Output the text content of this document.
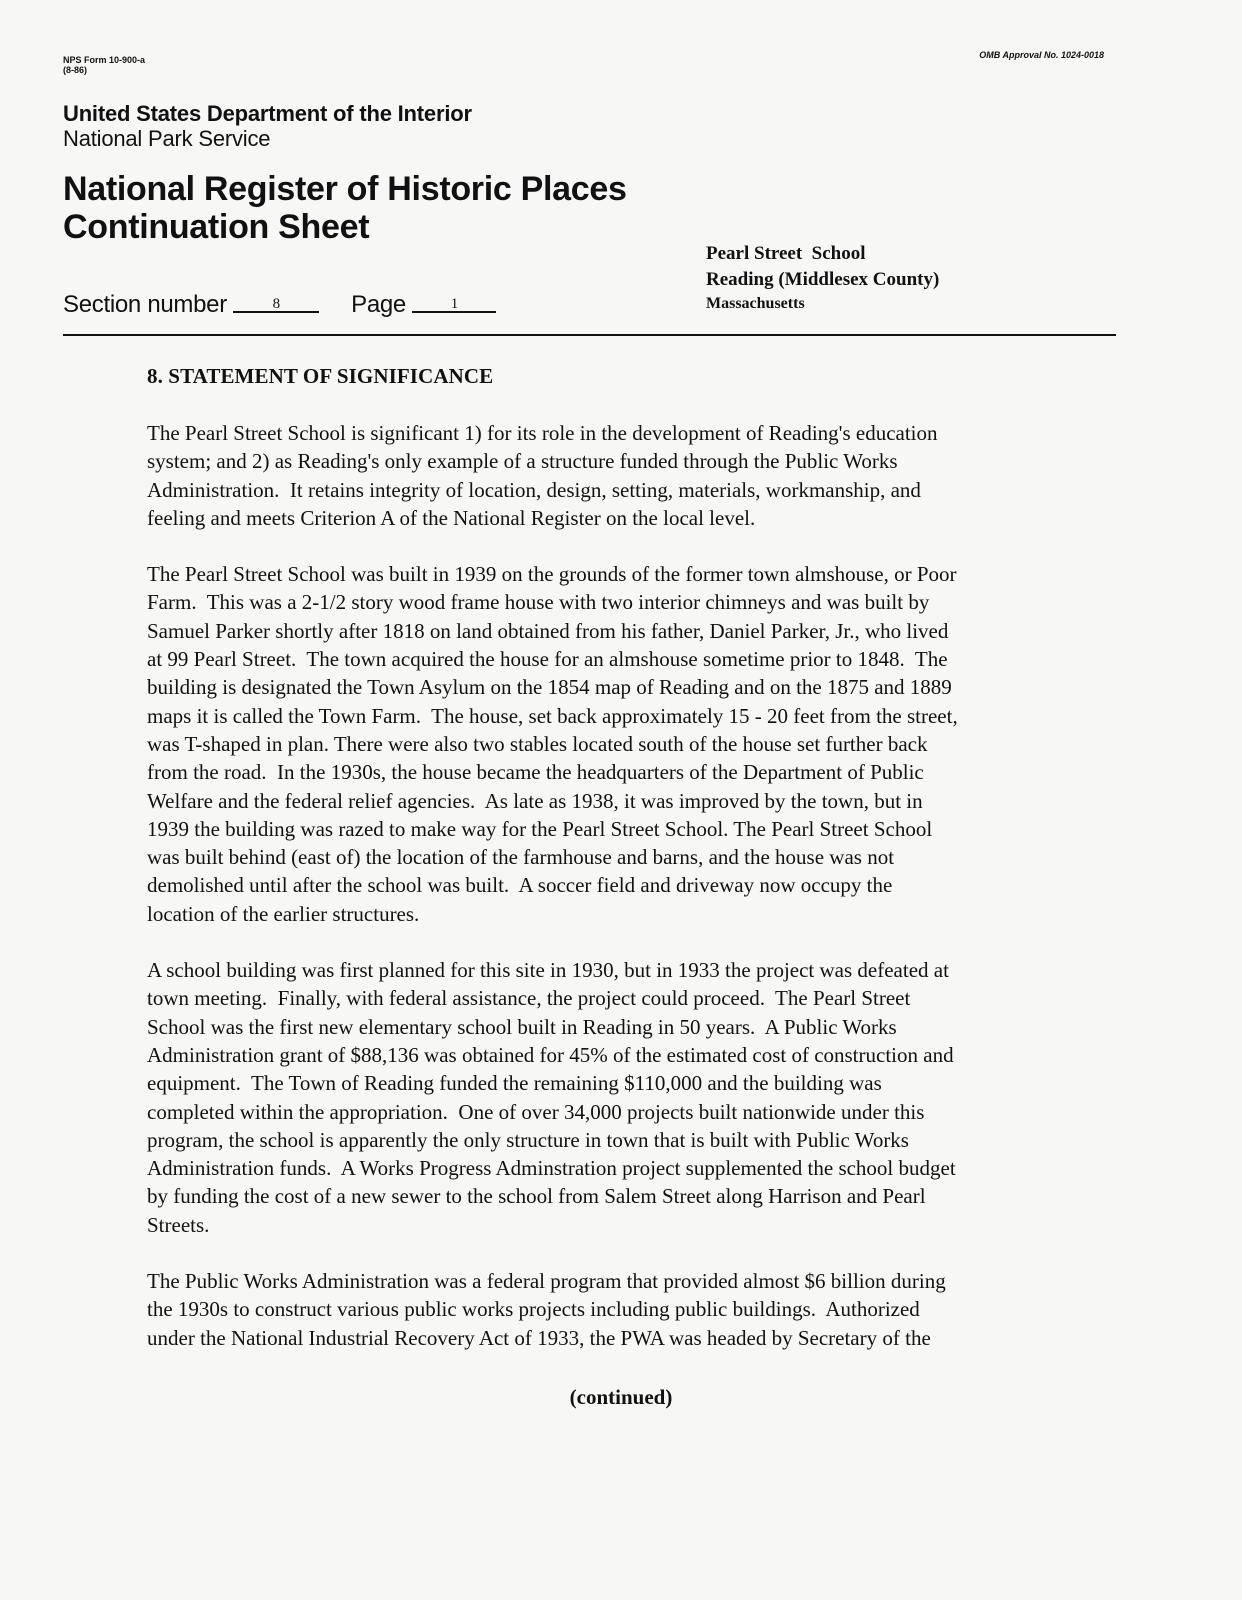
NPS Form 10-900-a
(8-86)
OMB Approval No. 1024-0018
United States Department of the Interior
National Park Service
National Register of Historic Places
Continuation Sheet
Section number	8	Page	1
Pearl Street  School
Reading (Middlesex County)
Massachusetts
8. STATEMENT OF SIGNIFICANCE

The Pearl Street School is significant 1) for its role in the development of Reading's education
system; and 2) as Reading's only example of a structure funded through the Public Works
Administration.  It retains integrity of location, design, setting, materials, workmanship, and
feeling and meets Criterion A of the National Register on the local level.

The Pearl Street School was built in 1939 on the grounds of the former town almshouse, or Poor
Farm.  This was a 2-1/2 story wood frame house with two interior chimneys and was built by
Samuel Parker shortly after 1818 on land obtained from his father, Daniel Parker, Jr., who lived
at 99 Pearl Street.  The town acquired the house for an almshouse sometime prior to 1848.  The
building is designated the Town Asylum on the 1854 map of Reading and on the 1875 and 1889
maps it is called the Town Farm.  The house, set back approximately 15 - 20 feet from the street,
was T-shaped in plan. There were also two stables located south of the house set further back
from the road.  In the 1930s, the house became the headquarters of the Department of Public
Welfare and the federal relief agencies.  As late as 1938, it was improved by the town, but in
1939 the building was razed to make way for the Pearl Street School. The Pearl Street School
was built behind (east of) the location of the farmhouse and barns, and the house was not
demolished until after the school was built.  A soccer field and driveway now occupy the
location of the earlier structures.

A school building was first planned for this site in 1930, but in 1933 the project was defeated at
town meeting.  Finally, with federal assistance, the project could proceed.  The Pearl Street
School was the first new elementary school built in Reading in 50 years.  A Public Works
Administration grant of $88,136 was obtained for 45% of the estimated cost of construction and
equipment.  The Town of Reading funded the remaining $110,000 and the building was
completed within the appropriation.  One of over 34,000 projects built nationwide under this
program, the school is apparently the only structure in town that is built with Public Works
Administration funds.  A Works Progress Adminstration project supplemented the school budget
by funding the cost of a new sewer to the school from Salem Street along Harrison and Pearl
Streets.

The Public Works Administration was a federal program that provided almost $6 billion during
the 1930s to construct various public works projects including public buildings.  Authorized
under the National Industrial Recovery Act of 1933, the PWA was headed by Secretary of the

(continued)
